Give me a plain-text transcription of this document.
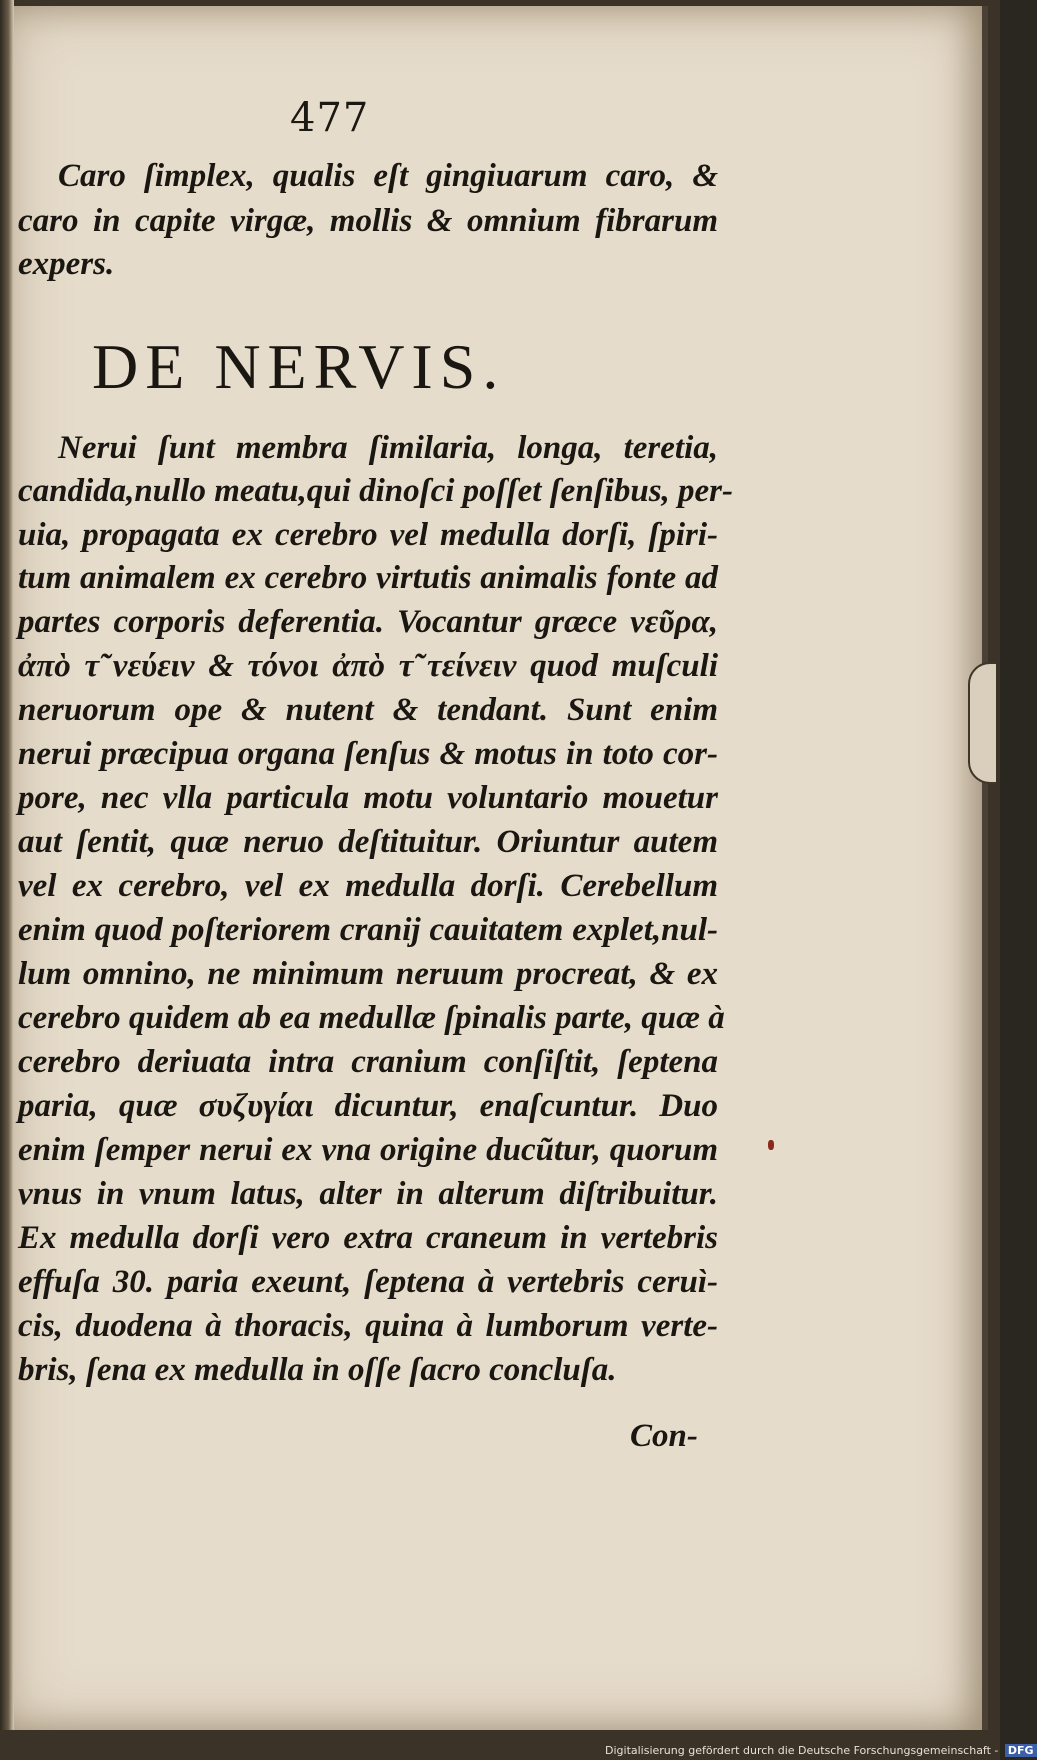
477
Caro ſimplex, qualis eſt gingiuarum caro, &
caro in capite virgæ, mollis & omnium fibrarum
expers.
DE NERVIS.
Nerui ſunt membra ſimilaria, longa, teretia,
candida,nullo meatu,qui dinoſci poſſet ſenſibus, per-
uia, propagata ex cerebro vel medulla dorſi, ſpiri-
tum animalem ex cerebro virtutis animalis fonte ad
partes corporis deferentia. Vocantur græce νεῦρα,
ἀπὸ τ̃ νεύειν & τόνοι ἀπὸ τ̃ τείνειν quod muſculi
neruorum ope & nutent & tendant. Sunt enim
nerui præcipua organa ſenſus & motus in toto cor-
pore, nec vlla particula motu voluntario mouetur
aut ſentit, quæ neruo deſtituitur. Oriuntur autem
vel ex cerebro, vel ex medulla dorſi. Cerebellum
enim quod poſteriorem cranij cauitatem explet,nul-
lum omnino, ne minimum neruum procreat, & ex
cerebro quidem ab ea medullæ ſpinalis parte, quæ à
cerebro deriuata intra cranium conſiſtit, ſeptena
paria, quæ συζυγίαι dicuntur, enaſcuntur. Duo
enim ſemper nerui ex vna origine ducũtur, quorum
vnus in vnum latus, alter in alterum diſtribuitur.
Ex medulla dorſi vero extra craneum in vertebris
effuſa 30. paria exeunt, ſeptena à vertebris ceruì-
cis, duodena à thoracis, quina à lumborum verte-
bris, ſena ex medulla in oſſe ſacro concluſa.
Con-
Digitalisierung gefördert durch die Deutsche Forschungsgemeinschaft - DFG
